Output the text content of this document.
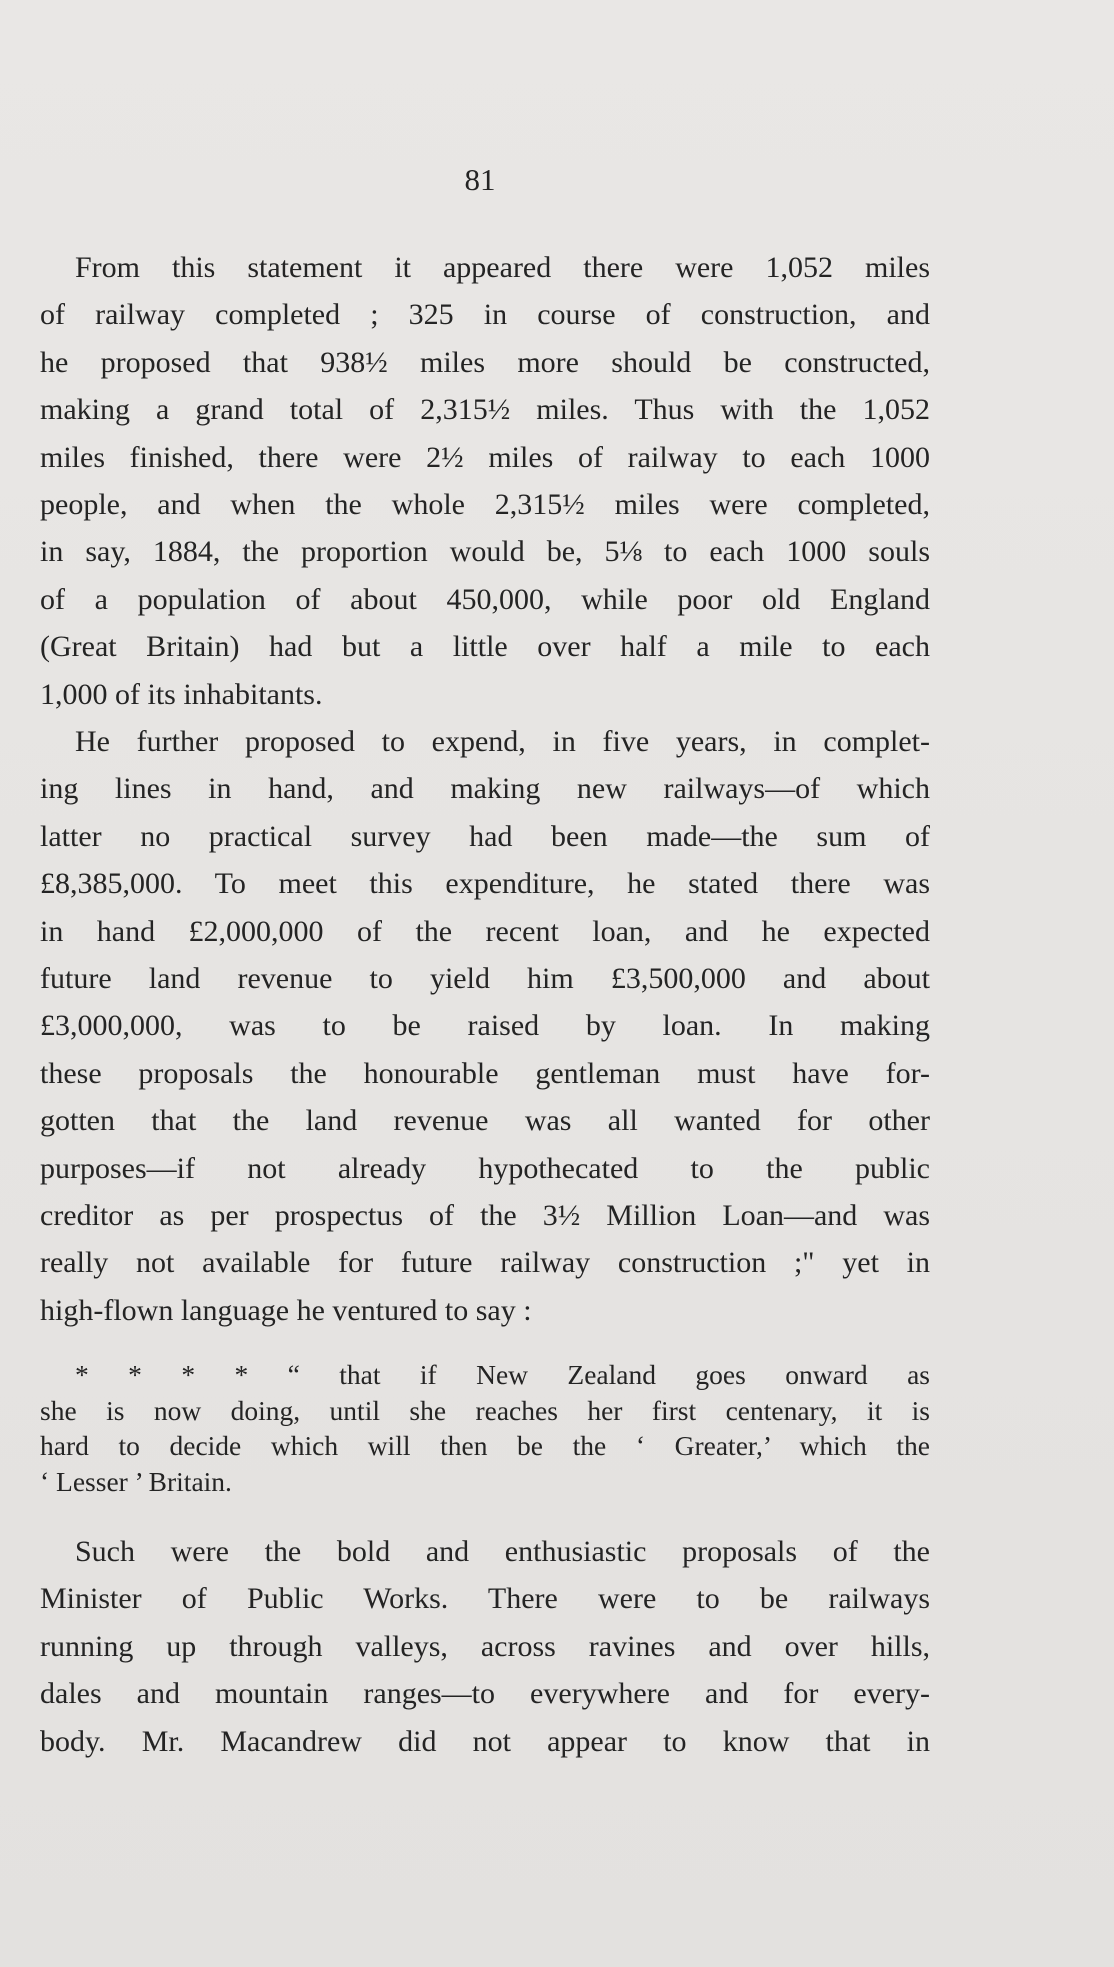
81
From this statement it appeared there were 1,052 miles
of railway completed ; 325 in course of construction, and
he proposed that 938½ miles more should be constructed,
making a grand total of 2,315½ miles. Thus with the 1,052
miles finished, there were 2½ miles of railway to each 1000
people, and when the whole 2,315½ miles were completed,
in say, 1884, the proportion would be, 5⅛ to each 1000 souls
of a population of about 450,000, while poor old England
(Great Britain) had but a little over half a mile to each
1,000 of its inhabitants.
He further proposed to expend, in five years, in complet-
ing lines in hand, and making new railways—of which
latter no practical survey had been made—the sum of
£8,385,000. To meet this expenditure, he stated there was
in hand £2,000,000 of the recent loan, and he expected
future land revenue to yield him £3,500,000 and about
£3,000,000, was to be raised by loan. In making
these proposals the honourable gentleman must have for-
gotten that the land revenue was all wanted for other
purposes—if not already hypothecated to the public
creditor as per prospectus of the 3½ Million Loan—and was
really not available for future railway construction ;" yet in
high-flown language he ventured to say :
* * * * “ that if New Zealand goes onward as
she is now doing, until she reaches her first centenary, it is
hard to decide which will then be the ‘ Greater,’ which the
‘ Lesser ’ Britain.
Such were the bold and enthusiastic proposals of the
Minister of Public Works. There were to be railways
running up through valleys, across ravines and over hills,
dales and mountain ranges—to everywhere and for every-
body. Mr. Macandrew did not appear to know that in
